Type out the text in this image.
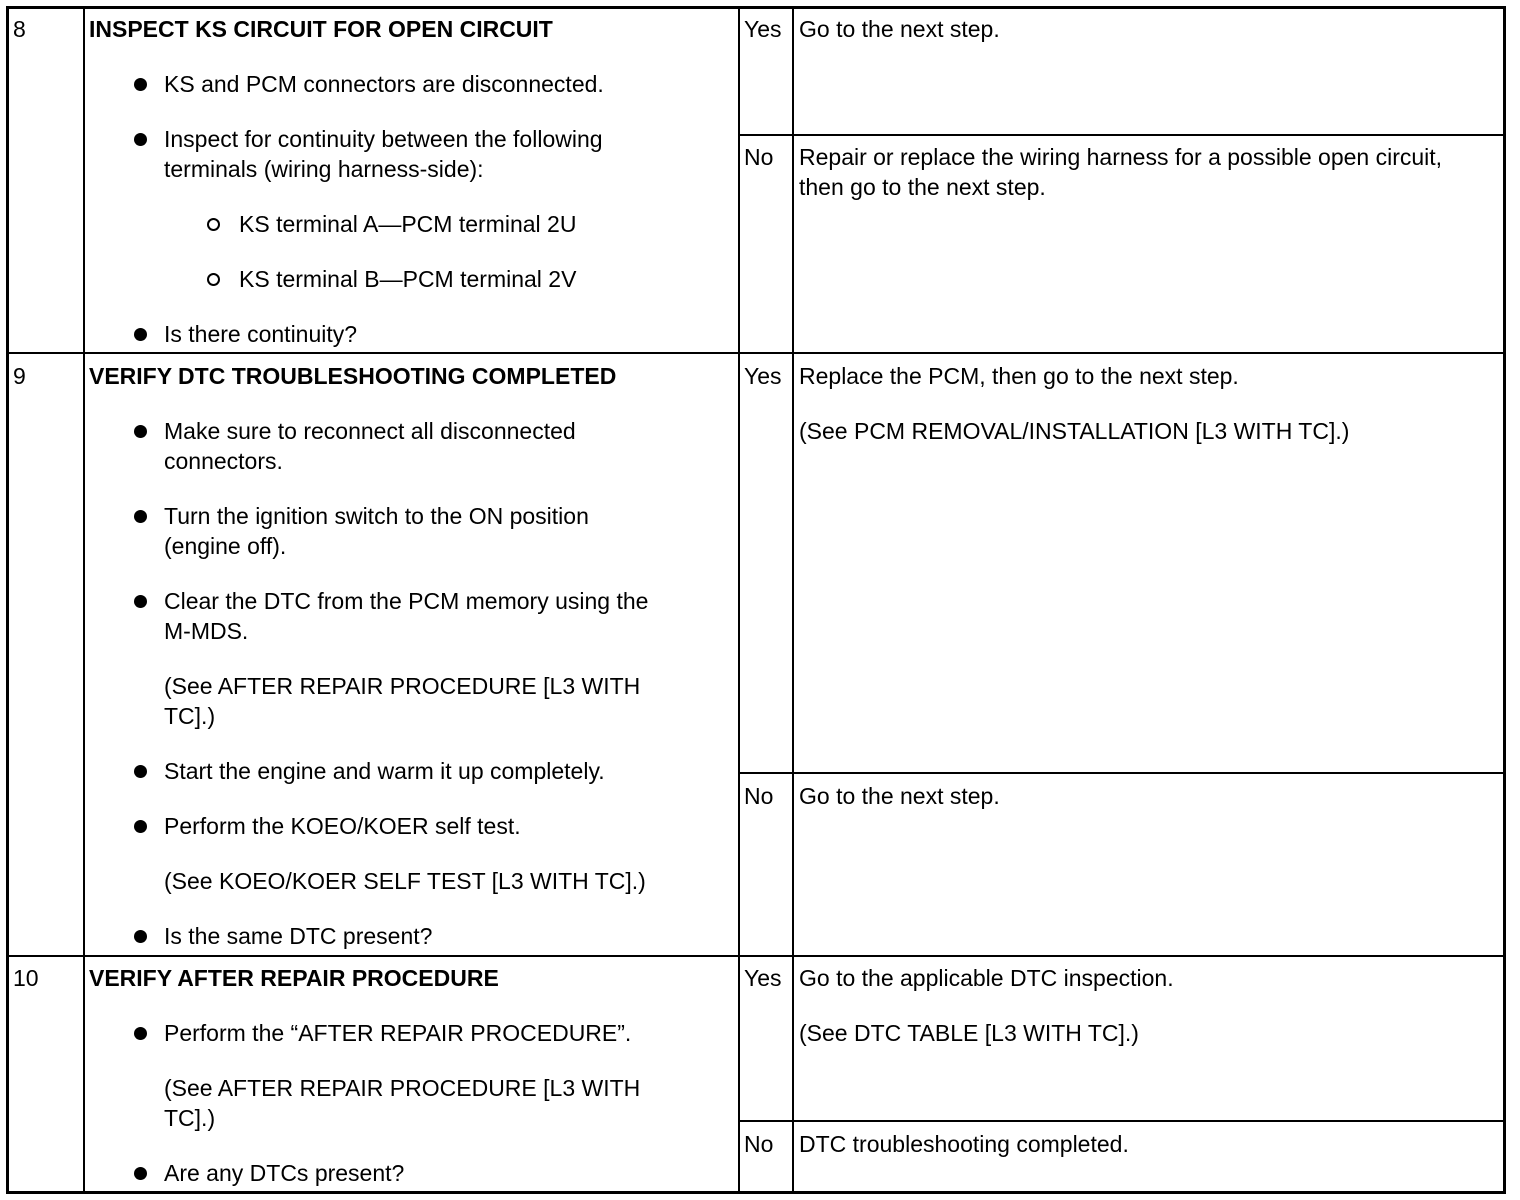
8	INSPECT KS CIRCUIT FOR OPEN CIRCUIT
KS and PCM connectors are disconnected.
Inspect for continuity between the following
terminals (wiring harness-side):
KS terminal A—PCM terminal 2U
KS terminal B—PCM terminal 2V
Is there continuity?
Yes Go to the next step.
No Repair or replace the wiring harness for a possible open circuit,
then go to the next step.
9	VERIFY DTC TROUBLESHOOTING COMPLETED
Make sure to reconnect all disconnected
connectors.
Turn the ignition switch to the ON position
(engine off).
Clear the DTC from the PCM memory using the
M-MDS.
(See AFTER REPAIR PROCEDURE [L3 WITH
TC].)
Start the engine and warm it up completely.
Perform the KOEO/KOER self test.
(See KOEO/KOER SELF TEST [L3 WITH TC].)
Is the same DTC present?
Yes Replace the PCM, then go to the next step.
(See PCM REMOVAL/INSTALLATION [L3 WITH TC].)
No Go to the next step.
10 VERIFY AFTER REPAIR PROCEDURE
Perform the “AFTER REPAIR PROCEDURE”.
(See AFTER REPAIR PROCEDURE [L3 WITH
TC].)
Are any DTCs present?
Yes Go to the applicable DTC inspection.
(See DTC TABLE [L3 WITH TC].)
No DTC troubleshooting completed.
